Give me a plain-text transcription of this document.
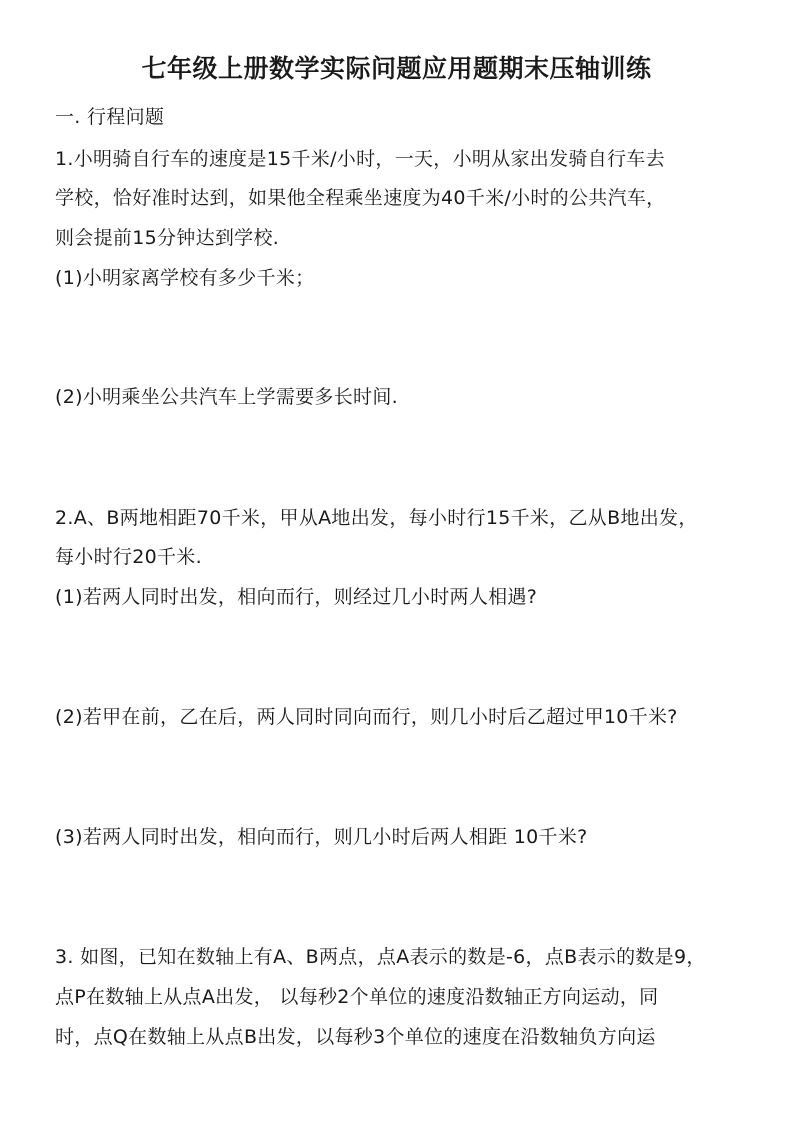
七年级上册数学实际问题应用题期末压轴训练
一. 行程问题
1.小明骑自行车的速度是15千米/小时，一天，小明从家出发骑自行车去
学校，恰好准时达到，如果他全程乘坐速度为40千米/小时的公共汽车，
则会提前15分钟达到学校.
(1)小明家离学校有多少千米；
(2)小明乘坐公共汽车上学需要多长时间.
2.A、B两地相距70千米，甲从A地出发，每小时行15千米，乙从B地出发，
每小时行20千米.
(1)若两人同时出发，相向而行，则经过几小时两人相遇?
(2)若甲在前，乙在后，两人同时同向而行，则几小时后乙超过甲10千米?
(3)若两人同时出发，相向而行，则几小时后两人相距 10千米?
3. 如图，已知在数轴上有A、B两点，点A表示的数是-6，点B表示的数是9，
点P在数轴上从点A出发， 以每秒2个单位的速度沿数轴正方向运动，同
时，点Q在数轴上从点B出发，以每秒3个单位的速度在沿数轴负方向运
